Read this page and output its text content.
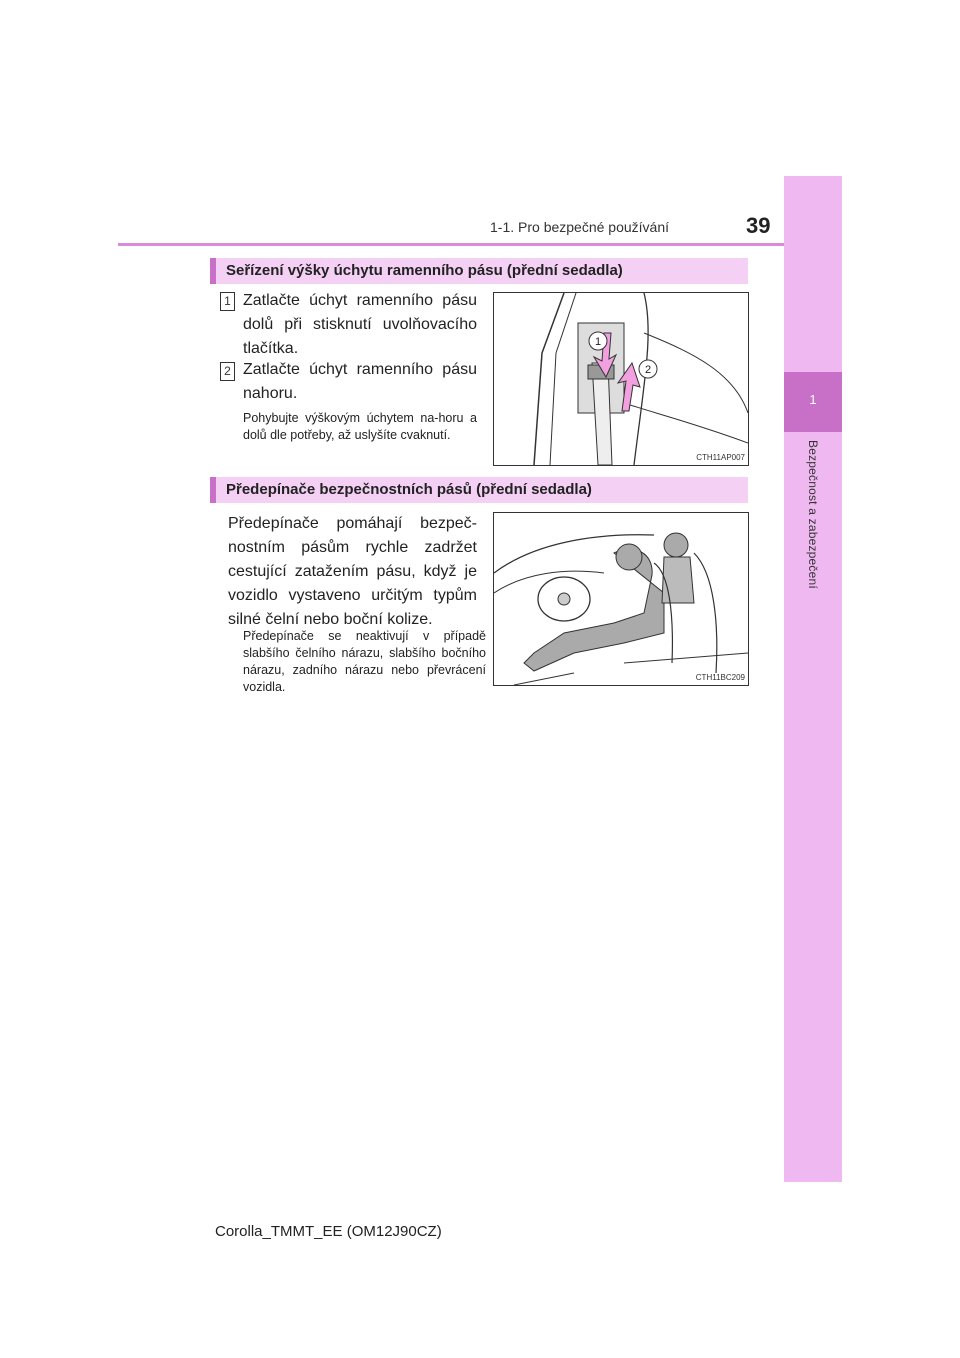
1-1. Pro bezpečné používání	39
1
Bezpečnost a zabezpečení
Seřízení výšky úchytu ramenního pásu (přední sedadla)
1 Zatlačte úchyt ramenního pásu dolů při stisknutí uvolňovacího tlačítka.
2 Zatlačte úchyt ramenního pásu nahoru.
Pohybujte výškovým úchytem na-horu a dolů dle potřeby, až uslyšíte cvaknutí.
1
2
CTH11AP007
Předepínače bezpečnostních pásů (přední sedadla)
Předepínače pomáhají bezpeč-nostním pásům rychle zadržet cestující zatažením pásu, když je vozidlo vystaveno určitým typům silné čelní nebo boční kolize.
Předepínače se neaktivují v případě slabšího čelního nárazu, slabšího bočního nárazu, zadního nárazu nebo převrácení vozidla.
CTH11BC209
Corolla_TMMT_EE (OM12J90CZ)
